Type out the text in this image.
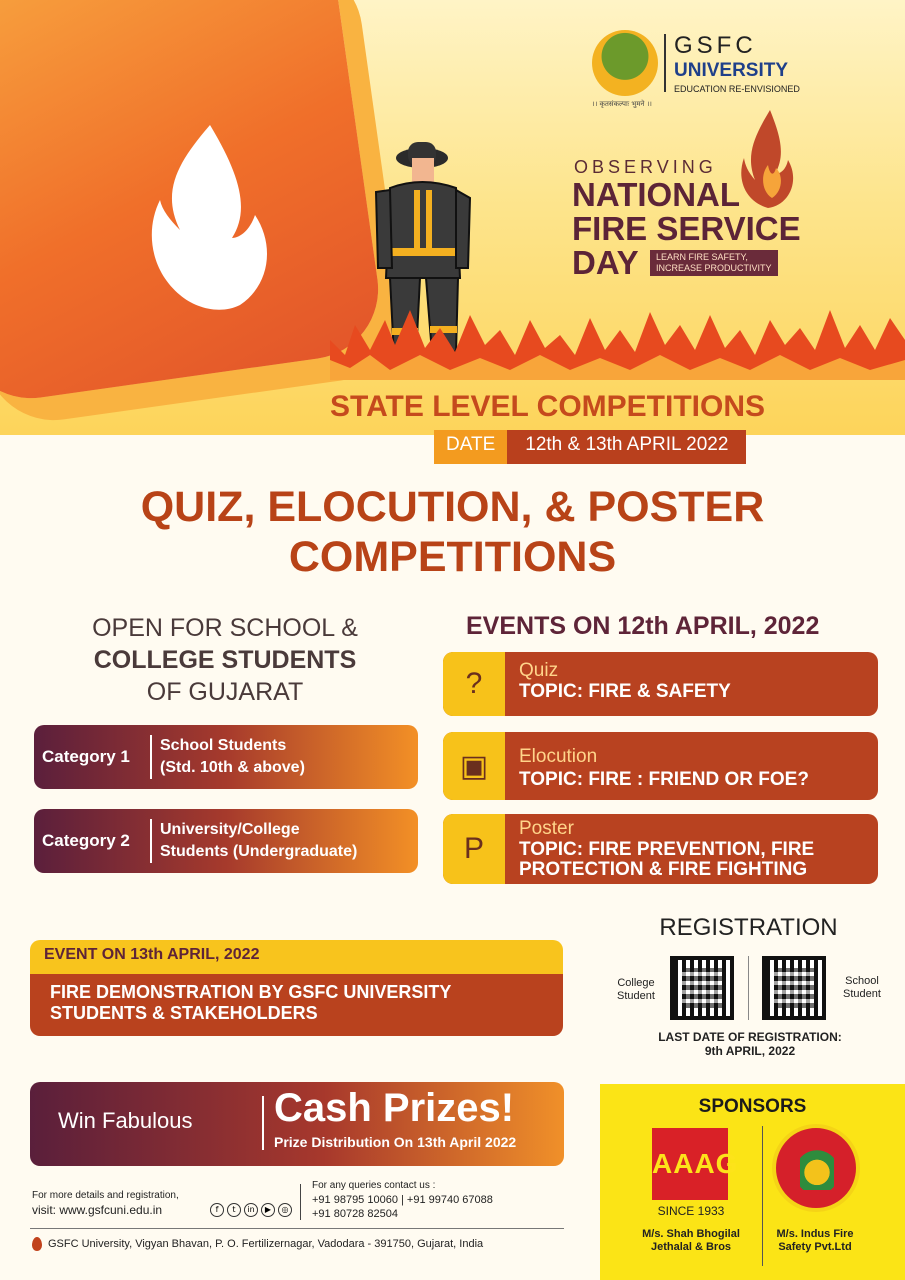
GSFC
UNIVERSITY
EDUCATION RE-ENVISIONED
।। कृतसंकल्पाः भुमने ।।
OBSERVING
NATIONAL
FIRE SERVICE
DAY	LEARN FIRE SAFETY,
INCREASE PRODUCTIVITY
STATE LEVEL COMPETITIONS
DATE	12th & 13th APRIL 2022
QUIZ, ELOCUTION, & POSTER
COMPETITIONS
OPEN FOR SCHOOL &
COLLEGE STUDENTS
OF GUJARAT
Category 1
School Students
(Std. 10th & above)
Category 2
University/College
Students (Undergraduate)
EVENTS ON 12th APRIL, 2022
?	Quiz
TOPIC: FIRE & SAFETY
▣	Elocution
TOPIC: FIRE : FRIEND OR FOE?
P
Poster
TOPIC: FIRE PREVENTION, FIRE
PROTECTION & FIRE FIGHTING
EVENT ON 13th APRIL, 2022
FIRE DEMONSTRATION BY GSFC UNIVERSITY
STUDENTS & STAKEHOLDERS
REGISTRATION
College
Student
School
Student
LAST DATE OF REGISTRATION:
9th APRIL, 2022
Win Fabulous Cash Prizes!
Prize Distribution On 13th April 2022
SPONSORS
AAAG
SINCE 1933
M/s. Shah Bhogilal
Jethalal & Bros
M/s. Indus Fire
Safety Pvt.Ltd
For more details and registration,
visit: www.gsfcuni.edu.in	f	t	in	▶	◎
For any queries contact us :
+91 98795 10060 | +91 99740 67088
+91 80728 82504
GSFC University, Vigyan Bhavan, P. O. Fertilizernagar, Vadodara - 391750, Gujarat, India
